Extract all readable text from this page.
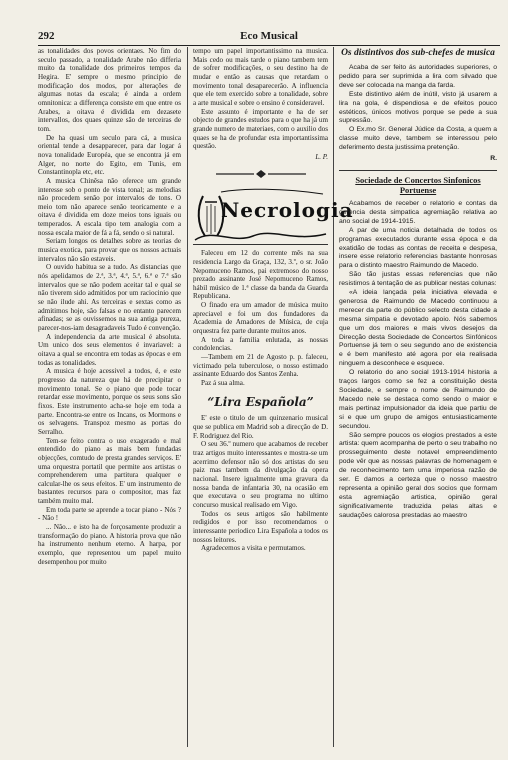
292	Eco Musical

as tonalidades dos povos orientaes. No fim do seculo passado, a tonalidade Arabe não differia muito da tonalidade dos primeiros tempos da Hegira. E' sempre o mesmo principio de modificação dos modos, por alterações de algumas notas da escala; é ainda a ordem omnitonica: a differença consiste em que entre os Arabes, a oitava é dividida em dezasete intervallos, dos quaes quinze são de terceiras de tom.

De ha quasi um seculo para cá, a musica oriental tende a desapparecer, para dar logar á nova tonalidade Européa, que se encontra já em Alger, no norte do Egito, em Tunis, em Constantinopla etc, etc.

A musica Chinêsa não oferece um grande interesse sob o ponto de vista tonal; as melodias não procedem senão por intervalos de tons. O meio tom não aparece senão teoricamente e a oitava é dividida em doze meios tons iguais ou temperados. A escala tipo tem analogia com a nossa escala maior de fá a fá, sendo o si natural.

Seriam longos os detalhes sobre as teorias de musica exotica, para provar que os nossos actuais intervalos não são estaveis.

O ouvido habitua se a tudo. As distancias que nós apelidamos de 2.ª, 3.ª, 4.ª, 5.ª, 6.ª e 7.ª são intervalos que se não podem aceitar tal e qual se não tiverem sido admitidos por um raciocinio que se não ilude ahi. As terceiras e sextas como as admitimos hoje, são falsas e no entanto parecem afinadas; se as ouvissemos na sua antiga pureza, parecer-nos-iam desagradaveis Tudo é convenção.

A independencia da arte musical é absoluta. Um unico dos seus elementos é invariavel: a oitava a qual se encontra em todas as épocas e em todas as tonalidades.

A musica é hoje acessivel a todos, é, e este progresso da natureza que há de precipitar o movimento tonal. Se o piano que pode tocar retardar esse movimento, porque os seus sons são fixos. Este instrumento acha-se hoje em toda a parte. Encontra-se entre os Incans, os Mormons e os selvagens. Transpoz mesmo as portas do Serralho.

Tem-se feito contra o uso exagerado e mal entendido do piano as mais bem fundadas objecções, comtudo de presta grandes serviços. E' uma orquestra portatil que permite aos artistas o comprehenderem uma partitura qualquer e calcular-lhe os seus efeitos. E' um instrumento de bastantes recursos para o compositor, mas faz também muito mal.

Em toda parte se aprende a tocar piano - Nós ? - Não !

... Não... e isto ha de forçosamente produzir a transformação do piano. A historia prova que não ha instrumento nenhum eterno. A harpa, por exemplo, que representou um papel muito desempenhou por muito

tempo um papel importantissimo na musica. Mais cedo ou mais tarde o piano tambem tem de sofrer modificações, o seu destino ha de mudar e então as causas que retardam o movimento tonal desaparecerão. A influencia que ele tem exercido sobre a tonalidade, sobre a arte musical e sobre o ensino é consideravel.

Este assunto é importante e ha de ser objecto de grandes estudos para o que ha já um grande numero de materiaes, com o auxilio dos quaes se ha de profundar esta importantissima questão.

L. P.

Necrologia

Faleceu em 12 do corrente mês na sua residencia Largo da Graça, 132, 3.º, o sr. João Nepomuceno Ramos, pai extremoso do nosso prezado assinante José Nepomuceno Ramos, hábil músico de 1.ª classe da banda da Guarda Republicana.

O finado era um amador de música muito apreciavel e foi um dos fundadores da Academia de Amadores de Música, de cuja orquestra fez parte durante muitos anos.

A toda a familia enlutada, as nossas condolencias.

—Tambem em 21 de Agosto p. p. faleceu, victimado pela tuberculose, o nosso estimado assinante Eduardo dos Santos Zenha.

Paz á sua alma.

“Lira Española”

E' este o titulo de um quinzenario musical que se publica em Madrid sob a direcção de D. F. Rodriguez del Rio.

O seu 36.º numero que acabamos de receber traz artigos muito interessantes e mostra-se um acerrimo defensor não só dos artistas do seu paiz mas tambem da divulgação da opera nacional. Insere igualmente uma gravura da nossa banda de infantaria 30, na ocasião em que executava o seu programa no ultimo concurso musical realisado em Vigo.

Todos os seus artigos são habilmente redigidos e por isso recomendamos o interessante periodico Lira Española a todos os nossos leitores.

Agradecemos a visita e permutamos.

Os distintivos dos sub-chefes de musica

Acaba de ser feito ás autoridades superiores, o pedido para ser suprimida a lira com silvado que deve ser colocada na manga da farda.

Este distintivo além de inútil, visto já usarem a lira na gola, é dispendiosa e de efeitos pouco estéticos, únicos motivos porque se pede a sua supressão.

O Ex.mo Sr. General Júdice da Costa, a quem a classe muito deve, tambem se interessou pelo deferimento desta justissima pretenção.

R.

Sociedade de Concertos Sinfonicos Portuense

Acabamos de receber o relatorio e contas da gerencia desta simpatica agremiação relativa ao ano social de 1914-1915.

A par de uma noticia detalhada de todos os programas executados durante essa época e da exatidão de todas as contas de receita e despesa, insere esse relatorio referencias bastante honrosas para o distinto maestro Raimundo de Macedo.

São tão justas essas referencias que não resistimos á tentação de as publicar nestas colunas:

«A ideia lançada pela iniciativa elevada e generosa de Raimundo de Macedo continuou a merecer da parte do público selecto desta cidade a mesma simpatia e devotado apoio. Nós sabemos que um dos maiores e mais vivos desejos da Direcção desta Sociedade de Concertos Sinfónicos Portuense já tem o seu segundo ano de existencia e é bem manifesto até agora por ela realisada ninguem a desconhece e esquece.

O relatorio do ano social 1913-1914 historia a traços largos como se fez a constituição desta Sociedade, e sempre o nome de Raimundo de Macedo nele se destaca como sendo o maior e mais pertinaz impulsionador da ideia que partiu de si e que um grupo de amigos entusiasticamente secundou.

São sempre poucos os elogios prestados a este artista: quem acompanha de perto o seu trabalho no prosseguimento deste notavel empreendimento pode vêr que as nossas palavras de homenagem e de reconhecimento tem uma imperiosa razão de ser. E damos a certeza que o nosso maestro representa a opinião geral dos socios que formam esta agremiação artistica, opinião geral significativamente traduzida pelas altas e saudações calorosa prestadas ao maestro
